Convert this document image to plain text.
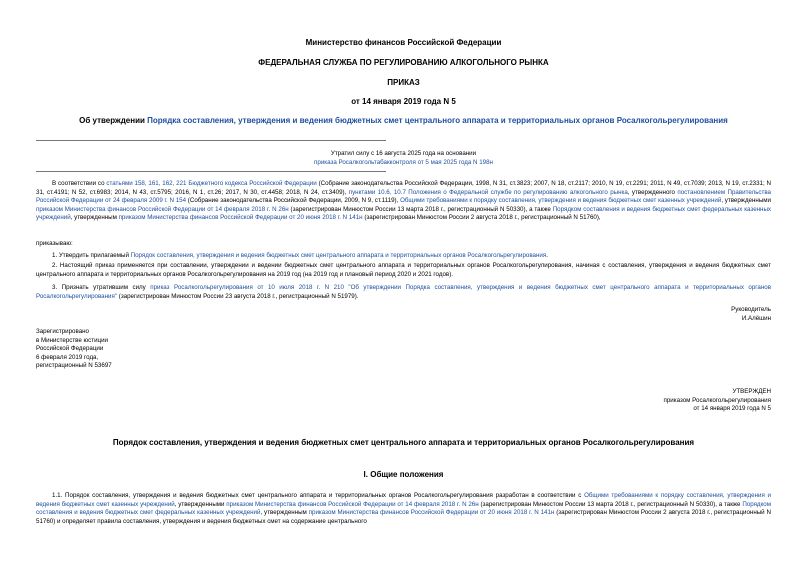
Министерство финансов Российской Федерации
ФЕДЕРАЛЬНАЯ СЛУЖБА ПО РЕГУЛИРОВАНИЮ АЛКОГОЛЬНОГО РЫНКА
ПРИКАЗ
от 14 января 2019 года N 5
Об утверждении Порядка составления, утверждения и ведения бюджетных смет центрального аппарата и территориальных органов Росалкогольрегулирования
Утратил силу с 16 августа 2025 года на основании
приказа Росалкогольтабакконтроля от 5 мая 2025 года N 198н
В соответствии со статьями 158, 161, 162, 221 Бюджетного кодекса Российской Федерации (Собрание законодательства Российской Федерации, 1998, N 31, ст.3823; 2007, N 18, ст.2117; 2010, N 19, ст.2291; 2011, N 49, ст.7039; 2013, N 19, ст.2331; N 31, ст.4191; N 52, ст.6983; 2014, N 43, ст.5795; 2016, N 1, ст.26; 2017, N 30, ст.4458; 2018, N 24, ст.3409), пунктами 10.6, 10.7 Положения о Федеральной службе по регулированию алкогольного рынка, утвержденного постановлением Правительства Российской Федерации от 24 февраля 2009 г. N 154 (Собрание законодательства Российской Федерации, 2009, N 9, ст.1119), Общими требованиями к порядку составления, утверждения и ведения бюджетных смет казенных учреждений, утвержденными приказом Министерства финансов Российской Федерации от 14 февраля 2018 г. N 26н (зарегистрирован Минюстом России 13 марта 2018 г., регистрационный N 50330), а также Порядком составления и ведения бюджетных смет федеральных казенных учреждений, утвержденным приказом Министерства финансов Российской Федерации от 20 июня 2018 г. N 141н (зарегистрирован Минюстом России 2 августа 2018 г., регистрационный N 51760),
приказываю:
1. Утвердить прилагаемый Порядок составления, утверждения и ведения бюджетных смет центрального аппарата и территориальных органов Росалкогольрегулирования.
2. Настоящий приказ применяется при составлении, утверждении и ведении бюджетных смет центрального аппарата и территориальных органов Росалкогольрегулирования, начиная с составления, утверждения и ведения бюджетных смет центрального аппарата и территориальных органов Росалкогольрегулирования на 2019 год (на 2019 год и плановый период 2020 и 2021 годов).
3. Признать утратившим силу приказ Росалкогольрегулирования от 10 июля 2018 г. N 210 "Об утверждении Порядка составления, утверждения и ведения бюджетных смет центрального аппарата и территориальных органов Росалкогольрегулирования" (зарегистрирован Минюстом России 23 августа 2018 г., регистрационный N 51979).
Руководитель
И.Алёшин
Зарегистрировано
в Министерстве юстиции
Российской Федерации
6 февраля 2019 года,
регистрационный N 53697
УТВЕРЖДЕН
приказом Росалкогольрегулирования
от 14 января 2019 года N 5
Порядок составления, утверждения и ведения бюджетных смет центрального аппарата и территориальных органов Росалкогольрегулирования
I. Общие положения
1.1. Порядок составления, утверждения и ведения бюджетных смет центрального аппарата и территориальных органов Росалкогольрегулирования разработан в соответствии с Общими требованиями к порядку составления, утверждения и ведения бюджетных смет казенных учреждений, утвержденными приказом Министерства финансов Российской Федерации от 14 февраля 2018 г. N 26н (зарегистрирован Минюстом России 13 марта 2018 г., регистрационный N 50330), а также Порядком составления и ведения бюджетных смет федеральных казенных учреждений, утвержденным приказом Министерства финансов Российской Федерации от 20 июня 2018 г. N 141н (зарегистрирован Минюстом России 2 августа 2018 г., регистрационный N 51760) и определяет правила составления, утверждения и ведения бюджетных смет на содержание центрального
